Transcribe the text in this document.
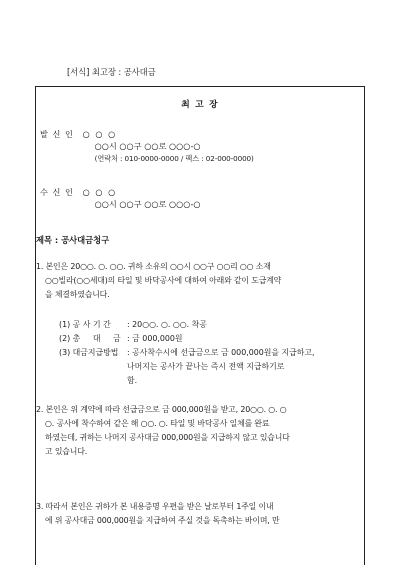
[서식] 최고장 : 공사대금
최 고 장
발 신 인 ○ ○ ○
○○시 ○○구 ○○로 ○○○-○
(연락처 : 010-0000-0000 / 팩스 : 02-000-0000)
수 신 인 ○ ○ ○
○○시 ○○구 ○○로 ○○○-○
제목 : 공사대금청구
1. 본인은 20○○. ○. ○○. 귀하 소유의 ○○시 ○○구 ○○리 ○○ 소재
○○빌라(○○세대)의 타일 및 바닥공사에 대하여 아래와 같이 도급계약
을 체결하였습니다.
(1) 공 사 기 간 : 20○○. ○. ○○. 착공
(2) 총     대     금 : 금 000,000원
(3) 대금지급방법 : 공사착수시에 선급금으로 금 000,000원을 지급하고,
나머지는 공사가 끝나는 즉시 전액 지급하기로
함.
2. 본인은 위 계약에 따라 선급금으로 금 000,000원을 받고, 20○○. ○. ○
○. 공사에 착수하여 같은 해 ○○. ○. 타일 및 바닥공사 일체를 완료
하였는데, 귀하는 나머지 공사대금 000,000원을 지급하지 않고 있습니다
고 있습니다.
3. 따라서 본인은 귀하가 본 내용증명 우편을 받은 날로부터 1주일 이내
에 위 공사대금 000,000원을 지급하여 주실 것을 독촉하는 바이며, 만
